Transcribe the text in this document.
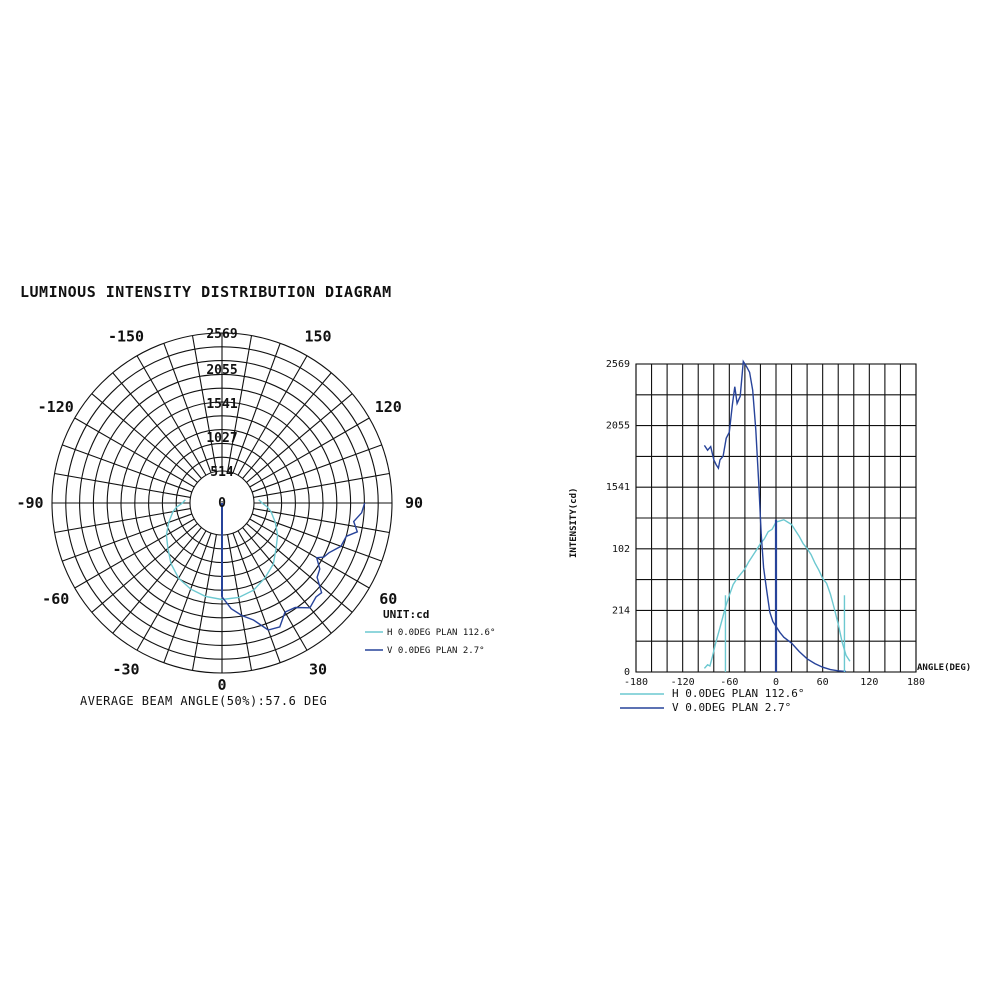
LUMINOUS INTENSITY DISTRIBUTION DIAGRAM
2569
2055
1541
1027
514
0
0
30
-30
60
-60
90
-90
120
-120
150
-150
UNIT:cd
H 0.0DEG PLAN 112.6°
V 0.0DEG PLAN 2.7°
AVERAGE BEAM ANGLE(50%):57.6 DEG
-180 -120	-60	0	60	120	180
0
214
102
1541
2055
2569
INTENSITY(cd)
ANGLE(DEG)
H 0.0DEG PLAN 112.6°
V 0.0DEG PLAN 2.7°
